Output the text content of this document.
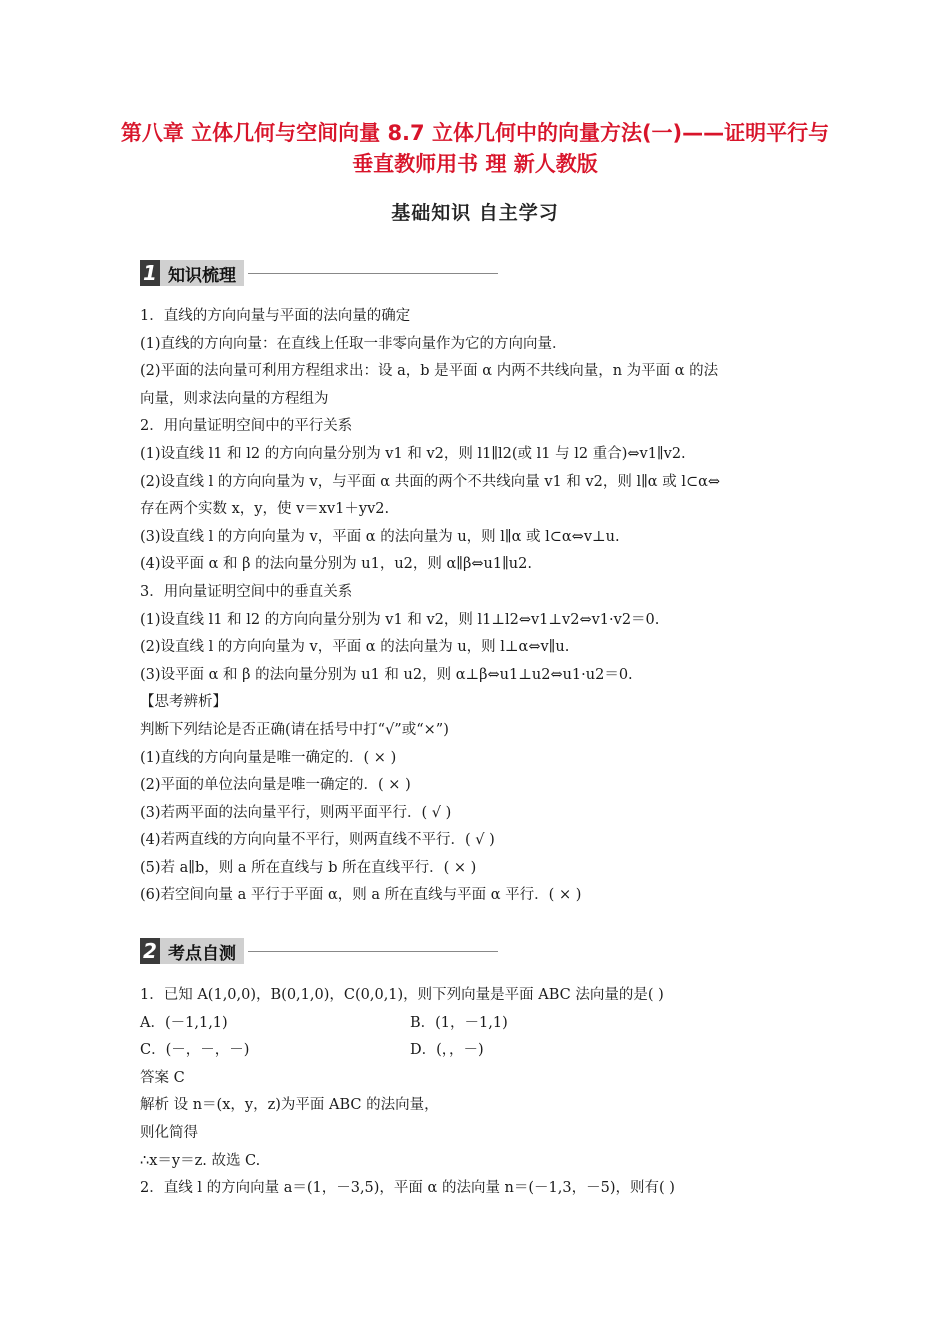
第八章 立体几何与空间向量 8.7 立体几何中的向量方法(一)——证明平行与垂直教师用书 理 新人教版
基础知识 自主学习
1 知识梳理

1．直线的方向向量与平面的法向量的确定

(1)直线的方向向量：在直线上任取一非零向量作为它的方向向量．

(2)平面的法向量可利用方程组求出：设 a，b 是平面 α 内两不共线向量，n 为平面 α 的法

向量，则求法向量的方程组为

2．用向量证明空间中的平行关系

(1)设直线 l1 和 l2 的方向向量分别为 v1 和 v2，则 l1∥l2(或 l1 与 l2 重合)⇔v1∥v2.

(2)设直线 l 的方向向量为 v，与平面 α 共面的两个不共线向量 v1 和 v2，则 l∥α 或 l⊂α⇔

存在两个实数 x，y，使 v＝xv1＋yv2.

(3)设直线 l 的方向向量为 v，平面 α 的法向量为 u，则 l∥α 或 l⊂α⇔v⊥u.

(4)设平面 α 和 β 的法向量分别为 u1，u2，则 α∥β⇔u1∥u2.

3．用向量证明空间中的垂直关系

(1)设直线 l1 和 l2 的方向向量分别为 v1 和 v2，则 l1⊥l2⇔v1⊥v2⇔v1·v2＝0.

(2)设直线 l 的方向向量为 v，平面 α 的法向量为 u，则 l⊥α⇔v∥u.

(3)设平面 α 和 β 的法向量分别为 u1 和 u2，则 α⊥β⇔u1⊥u2⇔u1·u2＝0.

【思考辨析】

判断下列结论是否正确(请在括号中打“√”或“×”)

(1)直线的方向向量是唯一确定的．( × )

(2)平面的单位法向量是唯一确定的．( × )

(3)若两平面的法向量平行，则两平面平行．( √ )

(4)若两直线的方向向量不平行，则两直线不平行．( √ )

(5)若 a∥b，则 a 所在直线与 b 所在直线平行．( × )

(6)若空间向量 a 平行于平面 α，则 a 所在直线与平面 α 平行．( × )

2 考点自测

1．已知 A(1,0,0)，B(0,1,0)，C(0,0,1)，则下列向量是平面 ABC 法向量的是( )

A．(－1,1,1)	B．(1，－1,1)
C．(－，－，－)	D．(，，－)

答案 C

解析 设 n＝(x，y，z)为平面 ABC 的法向量，

则化简得

∴x＝y＝z. 故选 C.

2．直线 l 的方向向量 a＝(1，－3,5)，平面 α 的法向量 n＝(－1,3，－5)，则有( )
